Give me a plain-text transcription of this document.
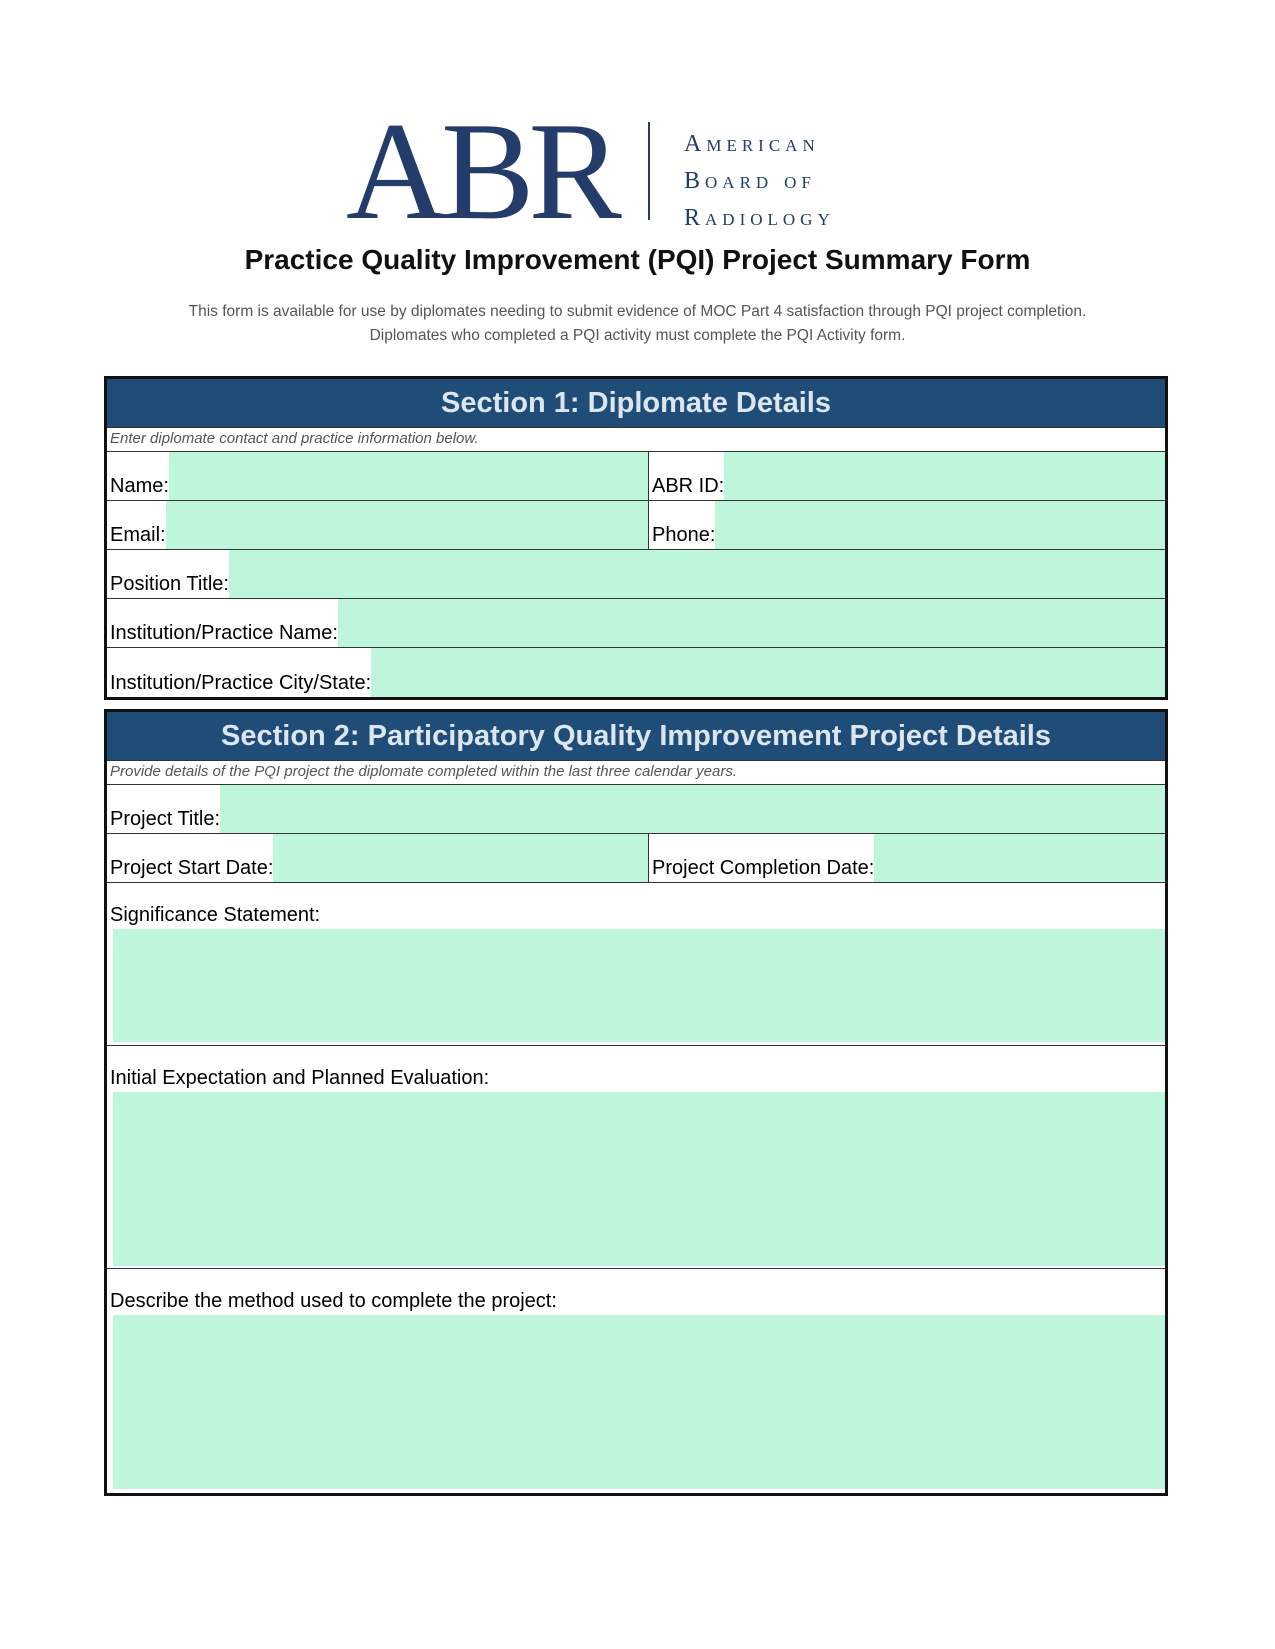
ABR	american
Board of
Radiology
Practice Quality Improvement (PQI) Project Summary Form
This form is available for use by diplomates needing to submit evidence of MOC Part 4 satisfaction through PQI project completion.
Diplomates who completed a PQI activity must complete the PQI Activity form.
Section 1: Diplomate Details
Enter diplomate contact and practice information below.
Name:	ABR ID:
Email:	Phone:
Position Title:
Institution/Practice Name:
Institution/Practice City/State:
Section 2: Participatory Quality Improvement Project Details
Provide details of the PQI project the diplomate completed within the last three calendar years.
Project Title:
Project Start Date:	Project Completion Date:
Significance Statement:
Initial Expectation and Planned Evaluation:
Describe the method used to complete the project:
